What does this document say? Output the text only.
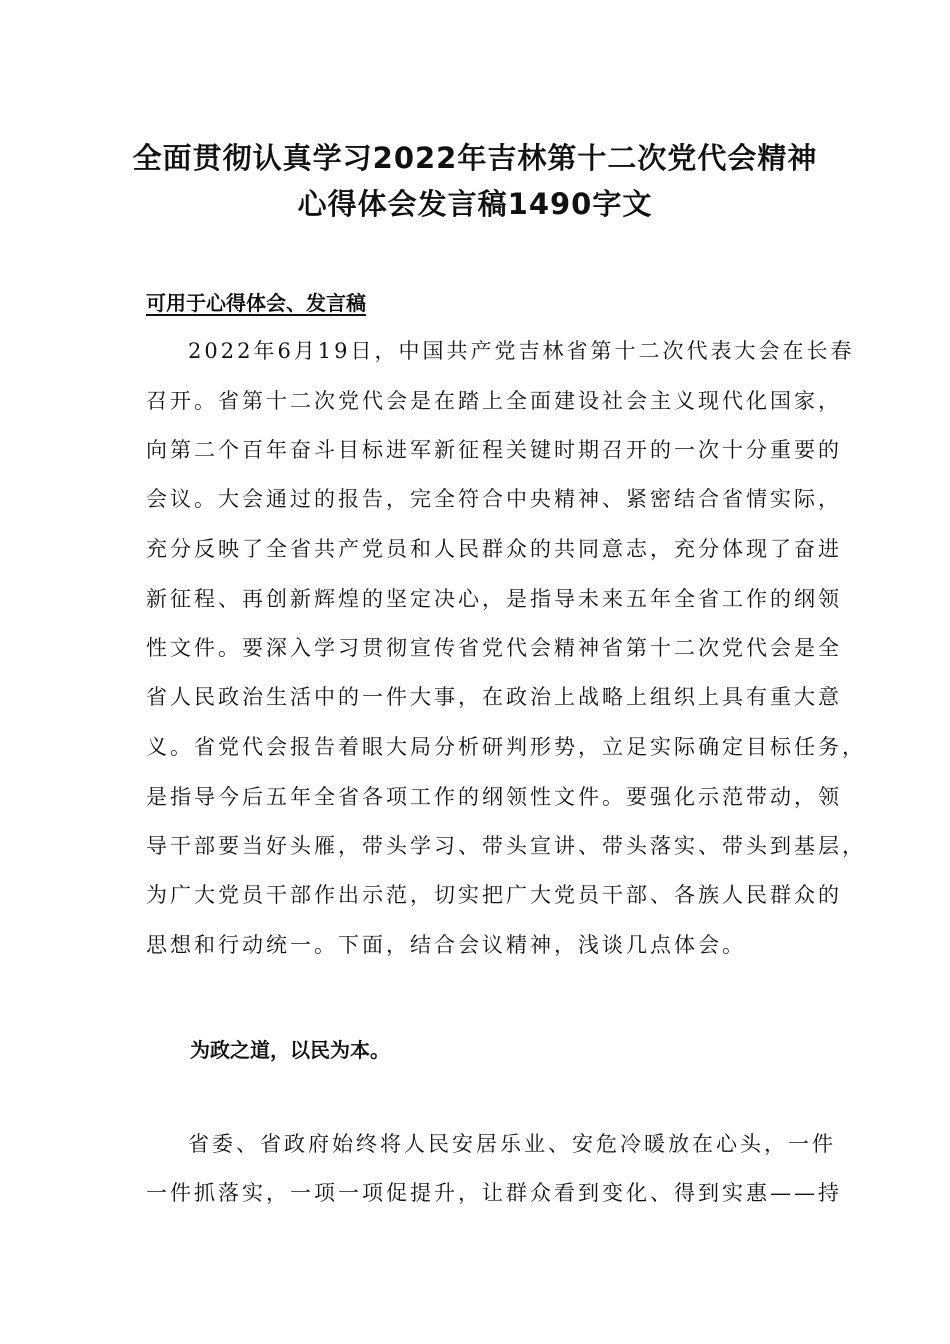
全面贯彻认真学习2022年吉林第十二次党代会精神
心得体会发言稿1490字文
可用于心得体会、发言稿
2022年6月19日，中国共产党吉林省第十二次代表大会在长春
召开。省第十二次党代会是在踏上全面建设社会主义现代化国家，
向第二个百年奋斗目标进军新征程关键时期召开的一次十分重要的
会议。大会通过的报告，完全符合中央精神、紧密结合省情实际，
充分反映了全省共产党员和人民群众的共同意志，充分体现了奋进
新征程、再创新辉煌的坚定决心，是指导未来五年全省工作的纲领
性文件。要深入学习贯彻宣传省党代会精神省第十二次党代会是全
省人民政治生活中的一件大事，在政治上战略上组织上具有重大意
义。省党代会报告着眼大局分析研判形势，立足实际确定目标任务，
是指导今后五年全省各项工作的纲领性文件。要强化示范带动，领
导干部要当好头雁，带头学习、带头宣讲、带头落实、带头到基层，
为广大党员干部作出示范，切实把广大党员干部、各族人民群众的
思想和行动统一。下面，结合会议精神，浅谈几点体会。
为政之道，以民为本。
省委、省政府始终将人民安居乐业、安危冷暖放在心头，一件
一件抓落实，一项一项促提升，让群众看到变化、得到实惠——持
